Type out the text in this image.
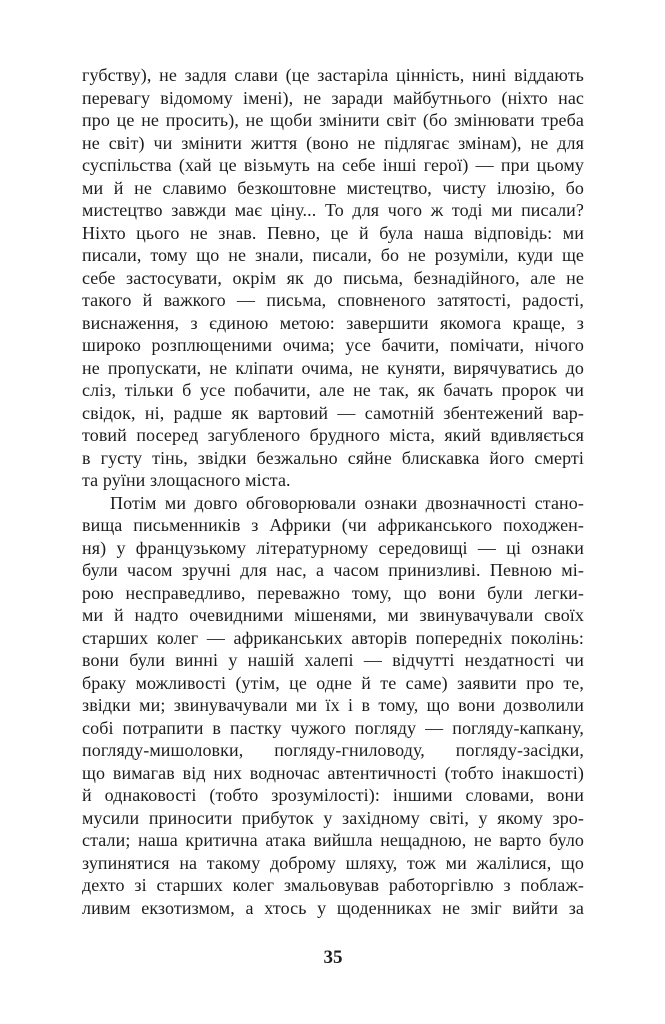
губству), не задля слави (це застаріла цінність, нині віддають
перевагу відомому імені), не заради майбутнього (ніхто нас
про це не просить), не щоби змінити світ (бо змінювати треба
не світ) чи змінити життя (воно не підлягає змінам), не для
суспільства (хай це візьмуть на себе інші герої) — при цьому
ми й не славимо безкоштовне мистецтво, чисту ілюзію, бо
мистецтво завжди має ціну... То для чого ж тоді ми писали?
Ніхто цього не знав. Певно, це й була наша відповідь: ми
писали, тому що не знали, писали, бо не розуміли, куди ще
себе застосувати, окрім як до письма, безнадійного, але не
такого й важкого — письма, сповненого затятості, радості,
виснаження, з єдиною метою: завершити якомога краще, з
широко розплющеними очима; усе бачити, помічати, нічого
не пропускати, не кліпати очима, не куняти, вирячуватись до
сліз, тільки б усе побачити, але не так, як бачать пророк чи
свідок, ні, радше як вартовий — самотній збентежений вар-
товий посеред загубленого брудного міста, який вдивляється
в густу тінь, звідки безжально сяйне блискавка його смерті
та руїни злощасного міста.
Потім ми довго обговорювали ознаки двозначності стано-
вища письменників з Африки (чи африканського походжен-
ня) у французькому літературному середовищі — ці ознаки
були часом зручні для нас, а часом принизливі. Певною мі-
рою несправедливо, переважно тому, що вони були легки-
ми й надто очевидними мішенями, ми звинувачували своїх
старших колег — африканських авторів попередніх поколінь:
вони були винні у нашій халепі — відчутті нездатності чи
браку можливості (утім, це одне й те саме) заявити про те,
звідки ми; звинувачували ми їх і в тому, що вони дозволили
собі потрапити в пастку чужого погляду — погляду-капкану,
погляду-мишоловки, погляду-гниловоду, погляду-засідки,
що вимагав від них водночас автентичності (тобто інакшості)
й однаковості (тобто зрозумілості): іншими словами, вони
мусили приносити прибуток у західному світі, у якому зро-
стали; наша критична атака вийшла нещадною, не варто було
зупинятися на такому доброму шляху, тож ми жалілися, що
дехто зі старших колег змальовував работоргівлю з поблаж-
ливим екзотизмом, а хтось у щоденниках не зміг вийти за
35
